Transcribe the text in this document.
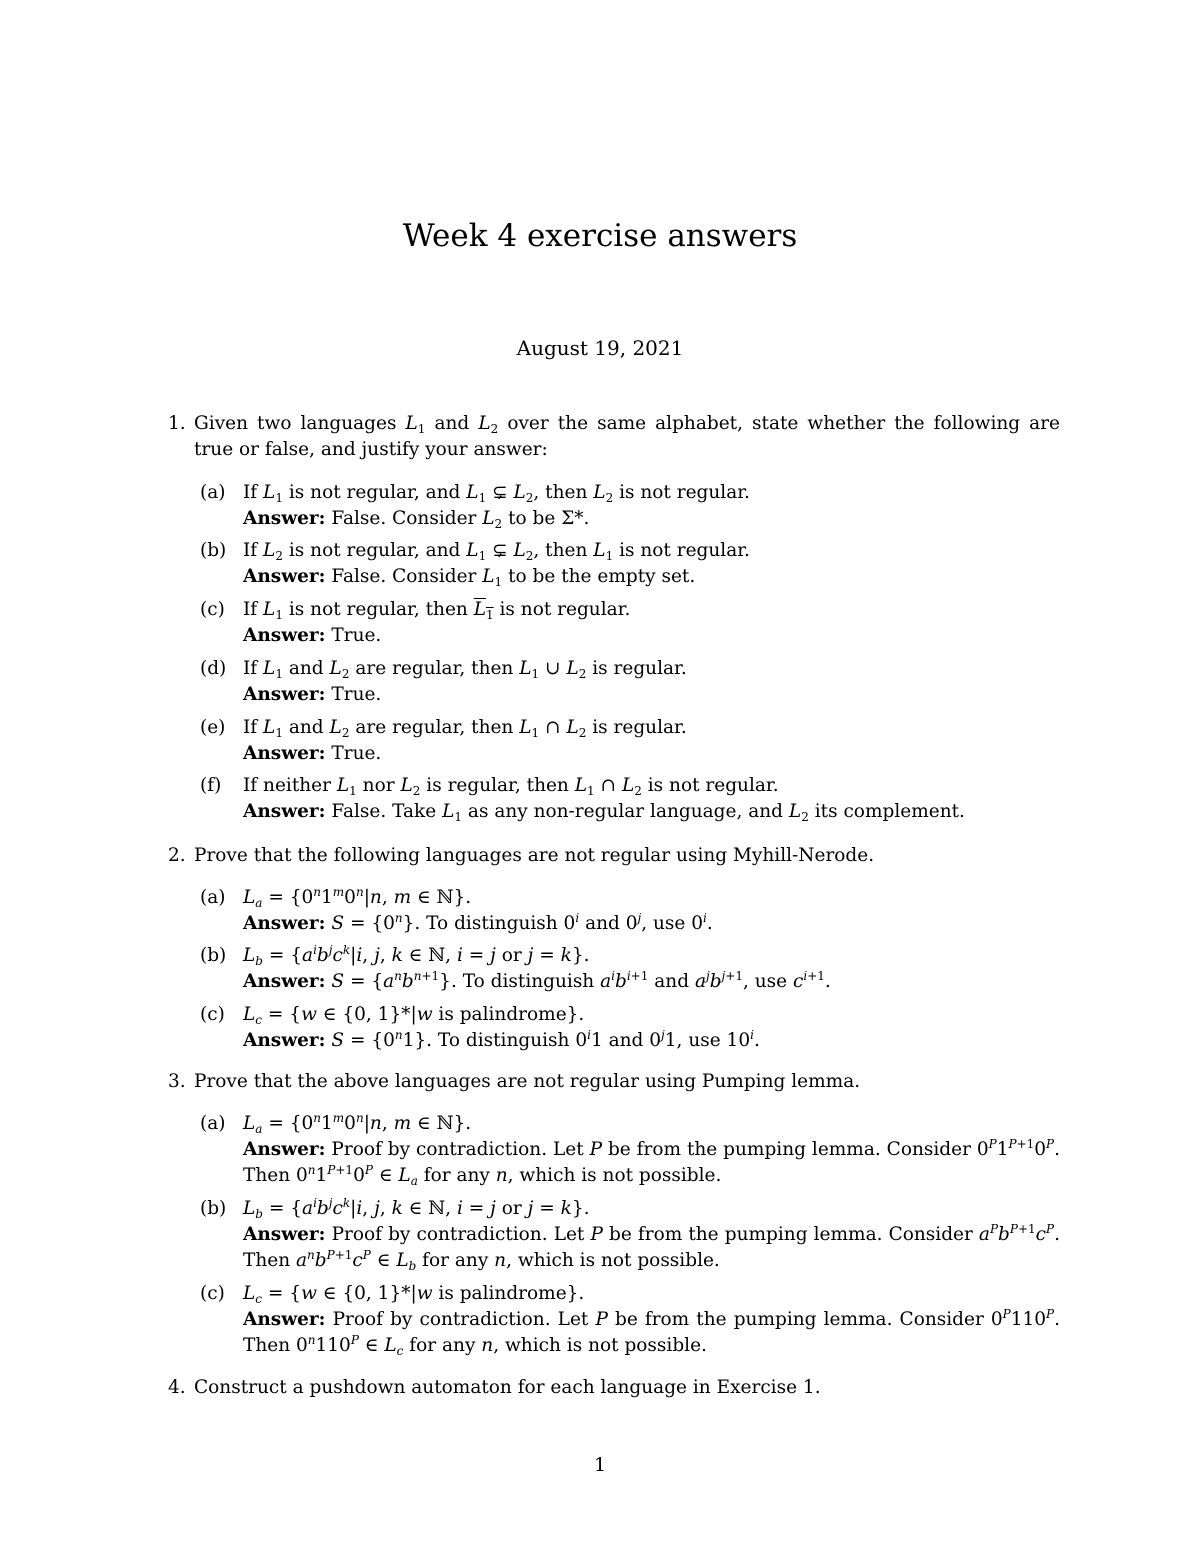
Week 4 exercise answers
August 19, 2021
1. Given two languages $L_1$ and $L_2$ over the same alphabet, state whether the following are true or false, and justify your answer:
(a) If $L_1$ is not regular, and $L_1$ ⊊ $L_2$, then $L_2$ is not regular.
Answer: False. Consider $L_2$ to be Σ*.
(b) If $L_2$ is not regular, and $L_1$ ⊊ $L_2$, then $L_1$ is not regular.
Answer: False. Consider $L_1$ to be the empty set.
(c) If $L_1$ is not regular, then $L_1$ is not regular.
Answer: True.
(d) If $L_1$ and $L_2$ are regular, then $L_1$ ∪ $L_2$ is regular.
Answer: True.
(e) If $L_1$ and $L_2$ are regular, then $L_1$ ∩ $L_2$ is regular.
Answer: True.
(f) If neither $L_1$ nor $L_2$ is regular, then $L_1$ ∩ $L_2$ is not regular.
Answer: False. Take $L_1$ as any non-regular language, and $L_2$ its complement.
2. Prove that the following languages are not regular using Myhill-Nerode.
(a) $L_a = \{0^n1^m0^n|n$, m ∈ ℕ}.
Answer: $S = \{0^n\}$. To distinguish 0$^i$ and 0$^j$, use 0$^i$.
(b) $L_b = \{a^ib^jc^k|i$, j, k ∈ ℕ, i = j or j = k}.
Answer: $S = \{a^nb^{n+1}\}$. To distinguish $a^ib^{i+1}$ and $a^jb^{j+1}$, use $c^{i+1}$.
(c) $L_c = \{w$ ∈ {0, 1}*|w is palindrome}.
Answer: $S = \{0^n1\}$. To distinguish 0$^i$1 and 0$^j$1, use 10$^i$.
3. Prove that the above languages are not regular using Pumping lemma.
(a) $L_a = \{0^n1^m0^n|n$, m ∈ ℕ}.
Answer: Proof by contradiction. Let P be from the pumping lemma. Consider $0^P1^{P+1}0^P$. Then $0^n1^{P+1}0^P$ ∈ $L_a$ for any n, which is not possible.
(b) $L_b = \{a^ib^jc^k|i$, j, k ∈ ℕ, i = j or j = k}.
Answer: Proof by contradiction. Let P be from the pumping lemma. Consider $a^Pb^{P+1}c^P$. Then $a^nb^{P+1}c^P$ ∈ $L_b$ for any n, which is not possible.
(c) $L_c = \{w$ ∈ {0, 1}*|w is palindrome}.
Answer: Proof by contradiction. Let P be from the pumping lemma. Consider $0^P110^P$. Then $0^n110^P$ ∈ $L_c$ for any n, which is not possible.
4. Construct a pushdown automaton for each language in Exercise 1.
1
